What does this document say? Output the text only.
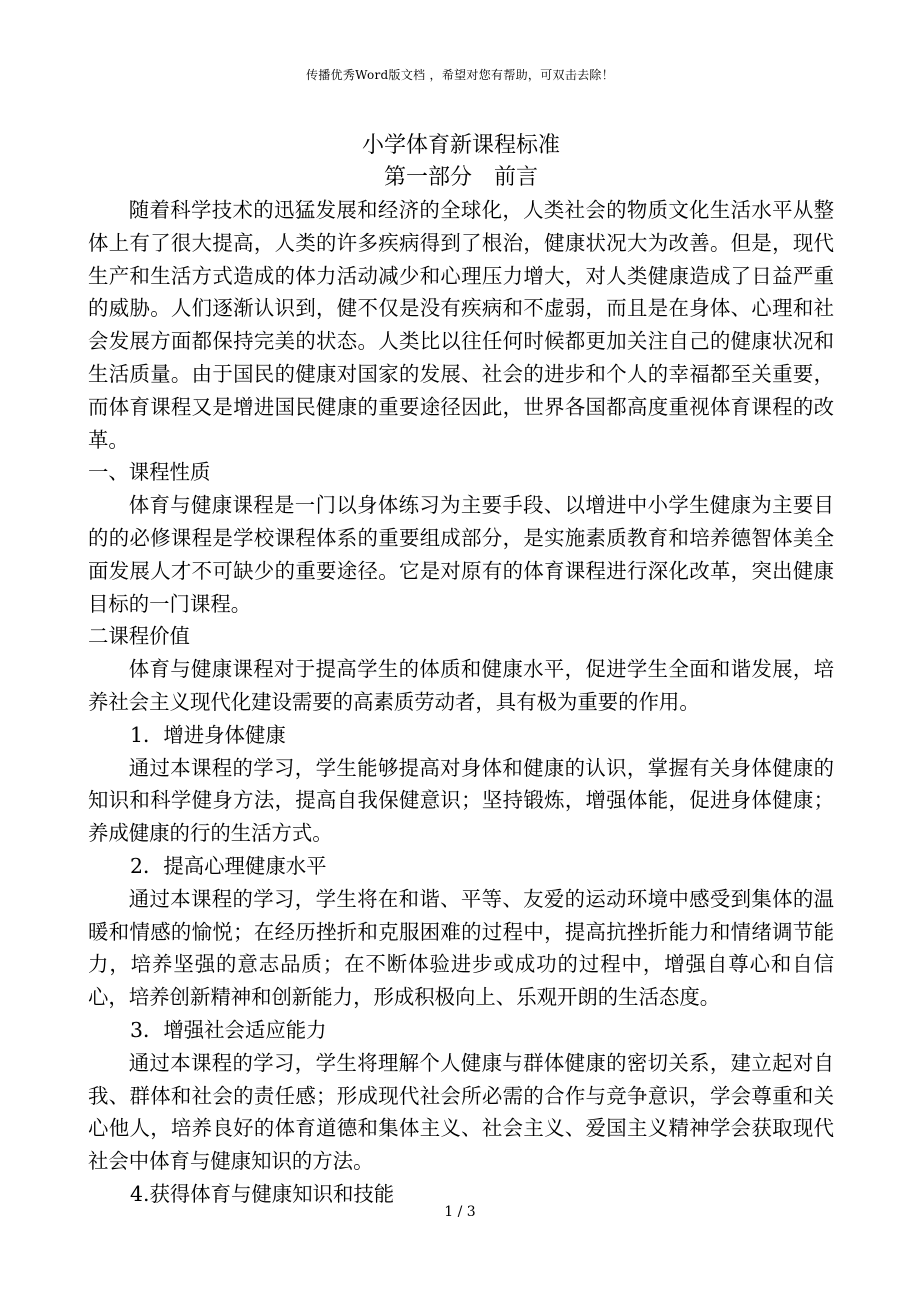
传播优秀Word版文档 ，希望对您有帮助，可双击去除！
小学体育新课程标准
第一部分 前言

随着科学技术的迅猛发展和经济的全球化，人类社会的物质文化生活水平从整体上有了很大提高，人类的许多疾病得到了根治，健康状况大为改善。但是，现代生产和生活方式造成的体力活动减少和心理压力增大，对人类健康造成了日益严重的威胁。人们逐渐认识到，健不仅是没有疾病和不虚弱，而且是在身体、心理和社会发展方面都保持完美的状态。人类比以往任何时候都更加关注自己的健康状况和生活质量。由于国民的健康对国家的发展、社会的进步和个人的幸福都至关重要，而体育课程又是增进国民健康的重要途径因此，世界各国都高度重视体育课程的改革。

一、课程性质

体育与健康课程是一门以身体练习为主要手段、以增进中小学生健康为主要目的的必修课程是学校课程体系的重要组成部分，是实施素质教育和培养德智体美全面发展人才不可缺少的重要途径。它是对原有的体育课程进行深化改革，突出健康目标的一门课程。

二课程价值

体育与健康课程对于提高学生的体质和健康水平，促进学生全面和谐发展，培养社会主义现代化建设需要的高素质劳动者，具有极为重要的作用。

1．增进身体健康

通过本课程的学习，学生能够提高对身体和健康的认识，掌握有关身体健康的知识和科学健身方法，提高自我保健意识；坚持锻炼，增强体能，促进身体健康；养成健康的行的生活方式。

2．提高心理健康水平

通过本课程的学习，学生将在和谐、平等、友爱的运动环境中感受到集体的温暖和情感的愉悦；在经历挫折和克服困难的过程中，提高抗挫折能力和情绪调节能力，培养坚强的意志品质；在不断体验进步或成功的过程中，增强自尊心和自信心，培养创新精神和创新能力，形成积极向上、乐观开朗的生活态度。

3．增强社会适应能力

通过本课程的学习，学生将理解个人健康与群体健康的密切关系，建立起对自我、群体和社会的责任感；形成现代社会所必需的合作与竞争意识，学会尊重和关心他人，培养良好的体育道德和集体主义、社会主义、爱国主义精神学会获取现代社会中体育与健康知识的方法。

4.获得体育与健康知识和技能

1 / 3
